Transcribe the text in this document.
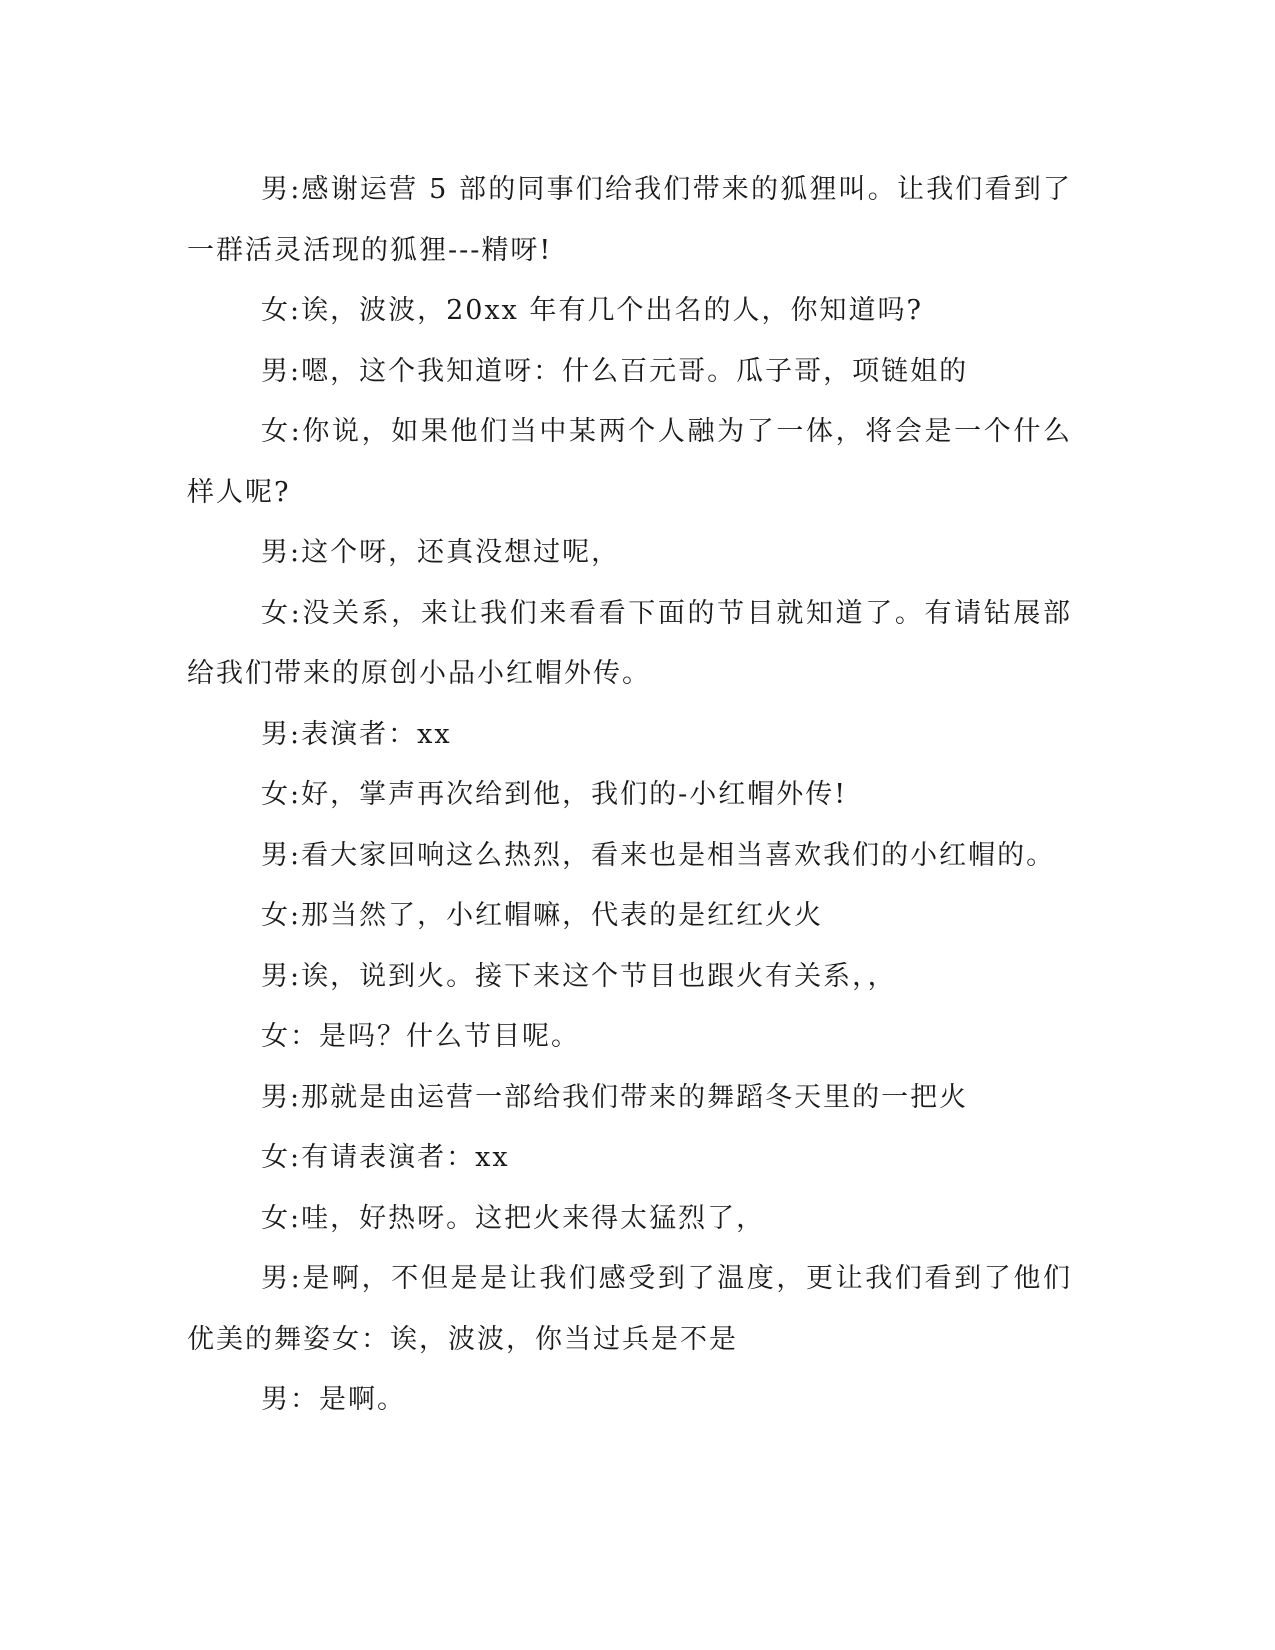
男:感谢运营 5 部的同事们给我们带来的狐狸叫。让我们看到了一群活灵活现的狐狸---精呀!

女:诶，波波，20xx 年有几个出名的人，你知道吗?

男:嗯，这个我知道呀：什么百元哥。瓜子哥，项链姐的

女:你说，如果他们当中某两个人融为了一体，将会是一个什么样人呢?

男:这个呀，还真没想过呢，

女:没关系，来让我们来看看下面的节目就知道了。有请钻展部给我们带来的原创小品小红帽外传。

男:表演者：xx

女:好，掌声再次给到他，我们的-小红帽外传!

男:看大家回响这么热烈，看来也是相当喜欢我们的小红帽的。

女:那当然了，小红帽嘛，代表的是红红火火

男:诶，说到火。接下来这个节目也跟火有关系，，

女：是吗？什么节目呢。

男:那就是由运营一部给我们带来的舞蹈冬天里的一把火

女:有请表演者：xx

女:哇，好热呀。这把火来得太猛烈了，

男:是啊，不但是是让我们感受到了温度，更让我们看到了他们优美的舞姿女：诶，波波，你当过兵是不是

男：是啊。
